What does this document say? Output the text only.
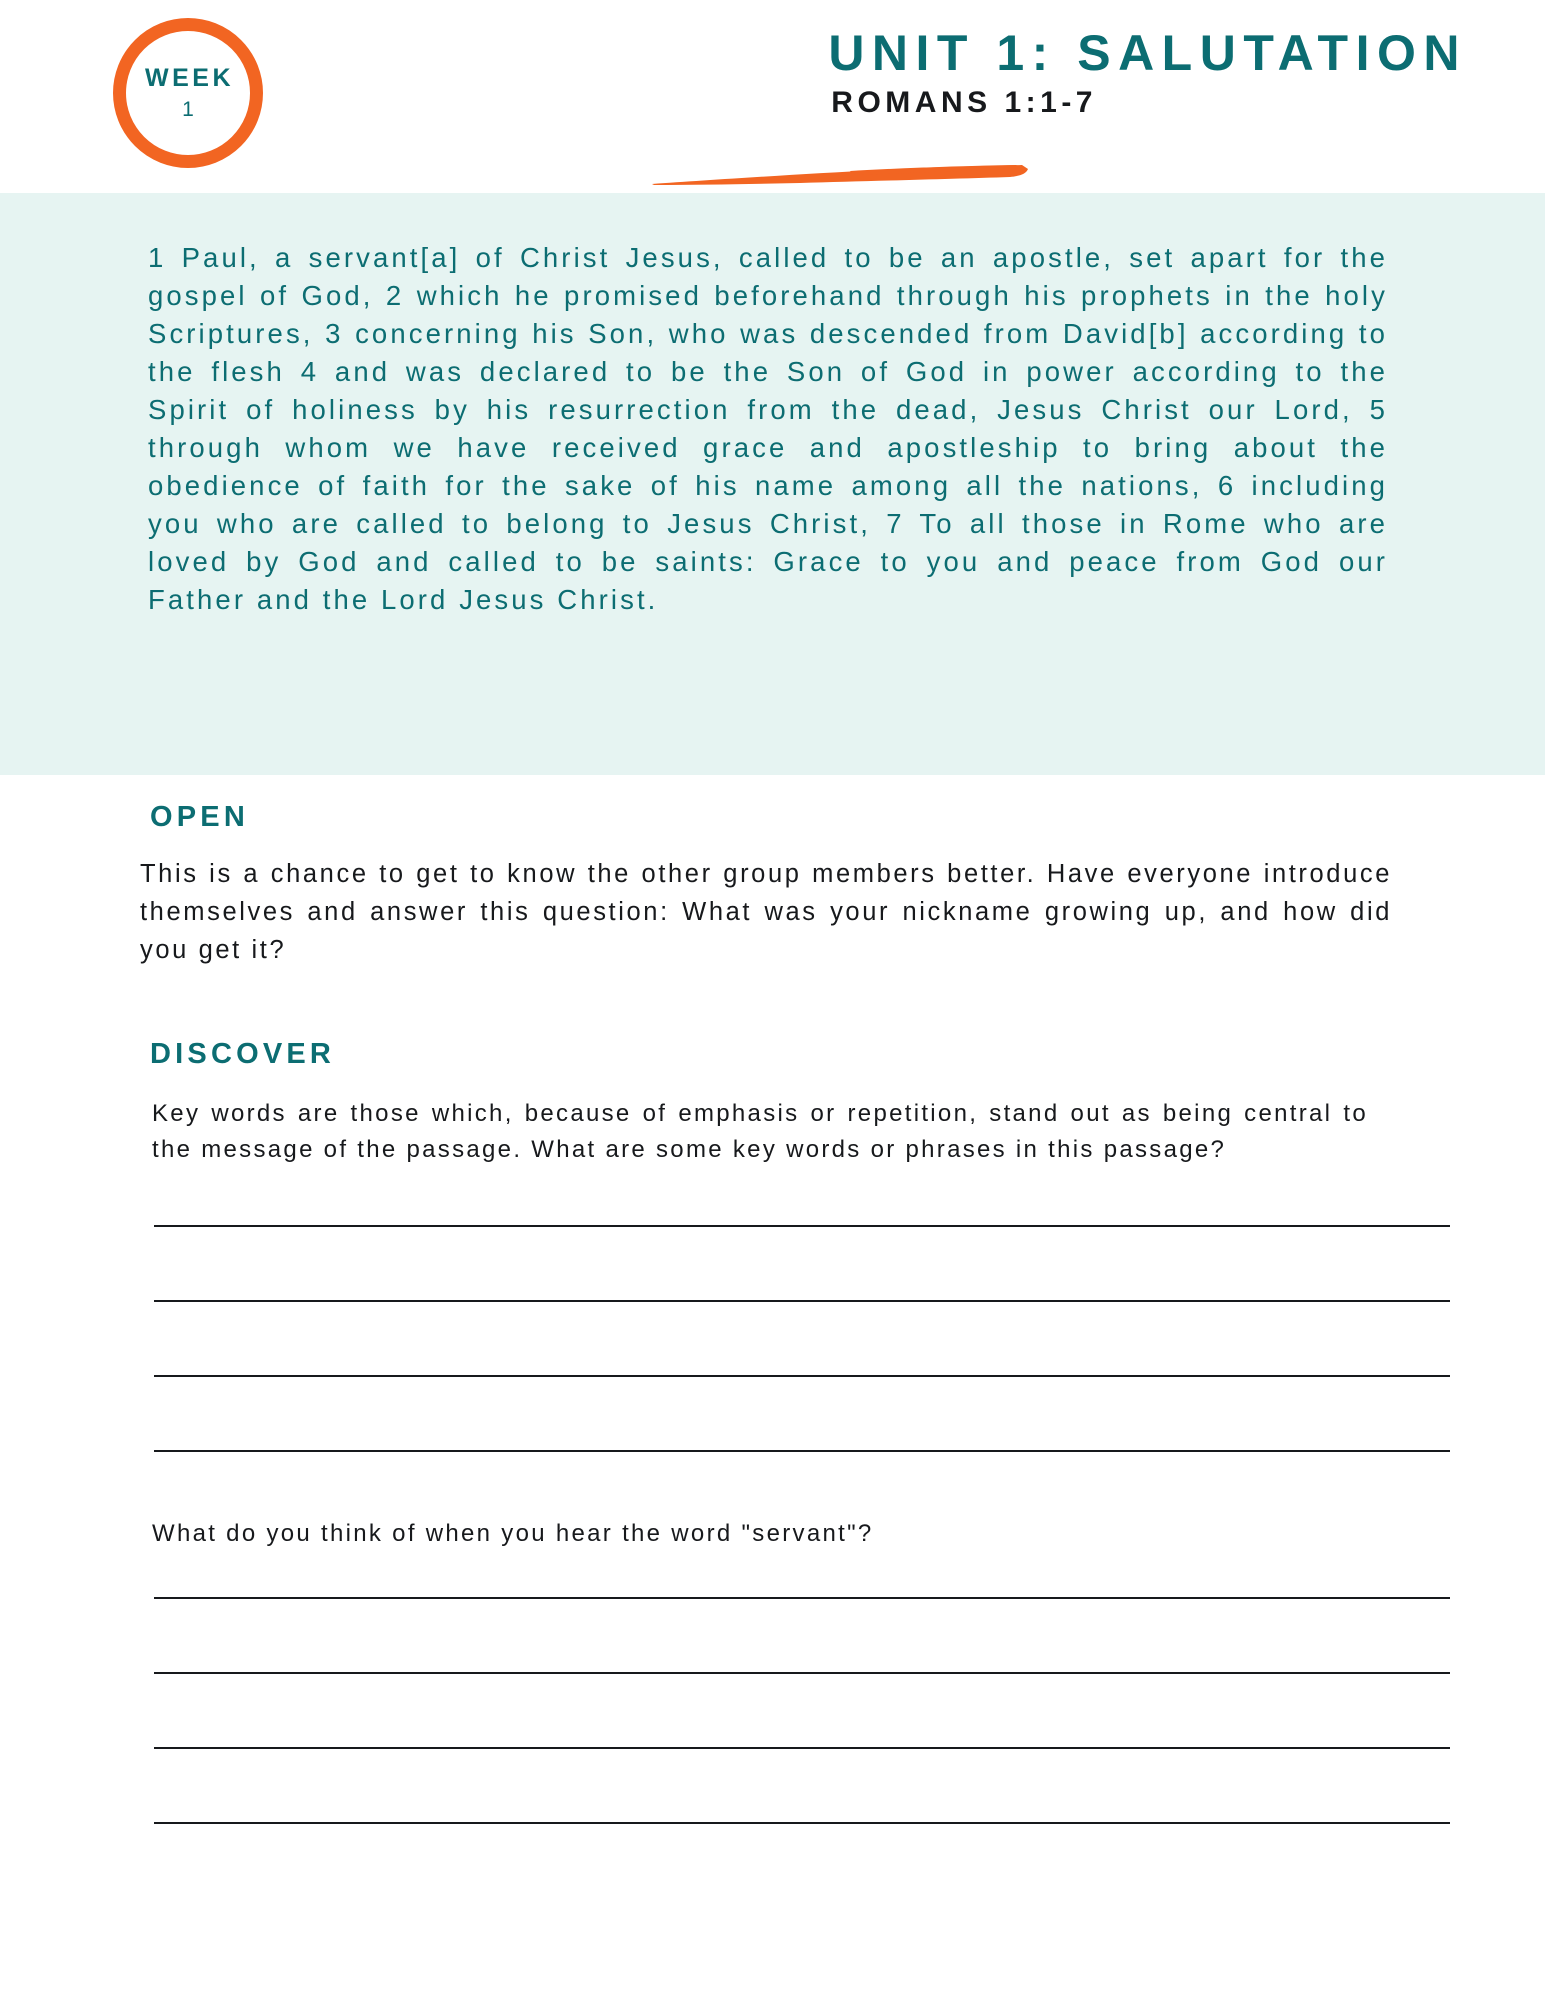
WEEK
1
UNIT 1: SALUTATION
ROMANS 1:1-7
1 Paul, a servant[a] of Christ Jesus, called to be an apostle, set apart for the gospel of God, 2 which he promised beforehand through his prophets in the holy Scriptures, 3 concerning his Son, who was descended from David[b] according to the flesh 4 and was declared to be the Son of God in power according to the Spirit of holiness by his resurrection from the dead, Jesus Christ our Lord, 5 through whom we have received grace and apostleship to bring about the obedience of faith for the sake of his name among all the nations, 6 including you who are called to belong to Jesus Christ, 7 To all those in Rome who are loved by God and called to be saints: Grace to you and peace from God our Father and the Lord Jesus Christ.
OPEN
This is a chance to get to know the other group members better. Have everyone introduce themselves and answer this question: What was your nickname growing up, and how did you get it?
DISCOVER
Key words are those which, because of emphasis or repetition, stand out as being central to the message of the passage. What are some key words or phrases in this passage?
What do you think of when you hear the word "servant"?
